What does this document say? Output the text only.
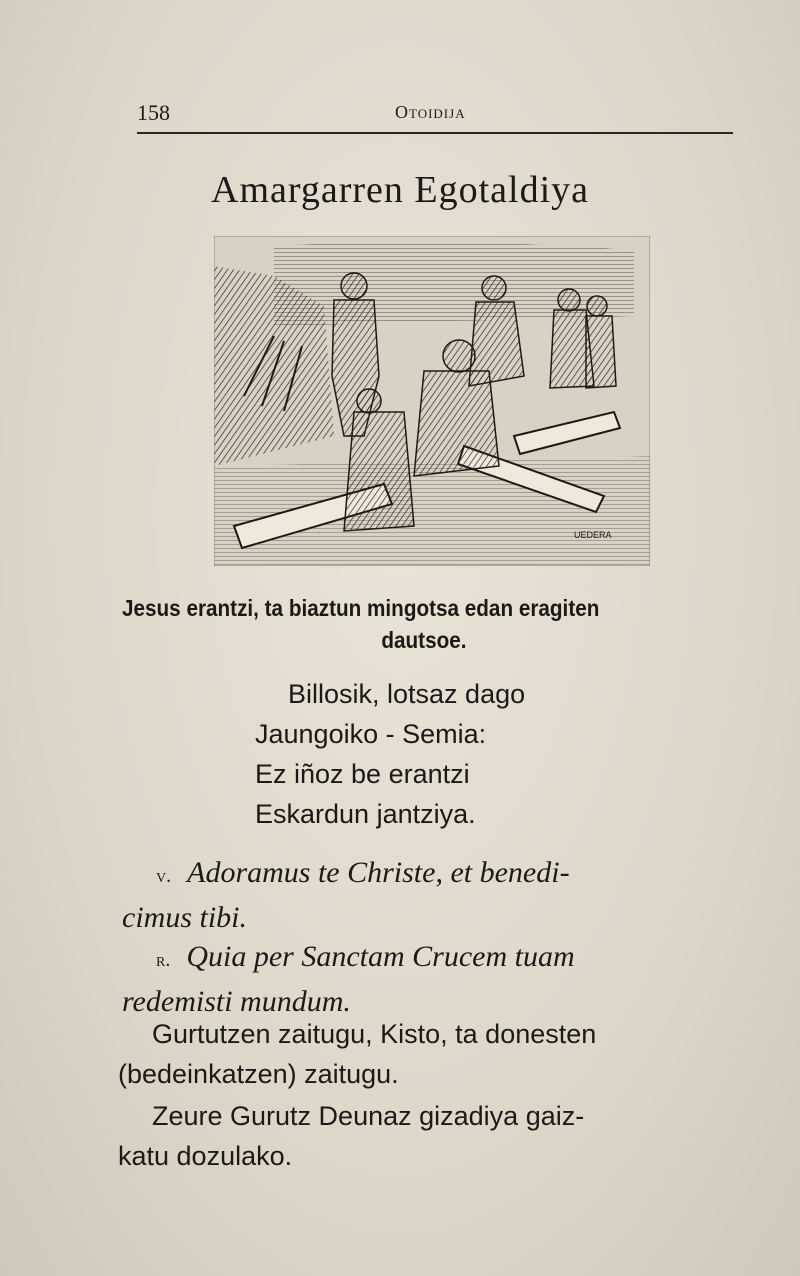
158	Otoidija
Amargarren Egotaldiya
UEDERA
Jesus erantzi, ta biaztun mingotsa edan eragiten
dautsoe.
Billosik, lotsaz dago
Jaungoiko - Semia:
Ez iñoz be erantzi
Eskardun jantziya.
v. Adoramus te Christe, et benedi-
cimus tibi.
r. Quia per Sanctam Crucem tuam
redemisti mundum.
Gurtutzen zaitugu, Kisto, ta donesten
(bedeinkatzen) zaitugu.
Zeure Gurutz Deunaz gizadiya gaiz-
katu dozulako.
